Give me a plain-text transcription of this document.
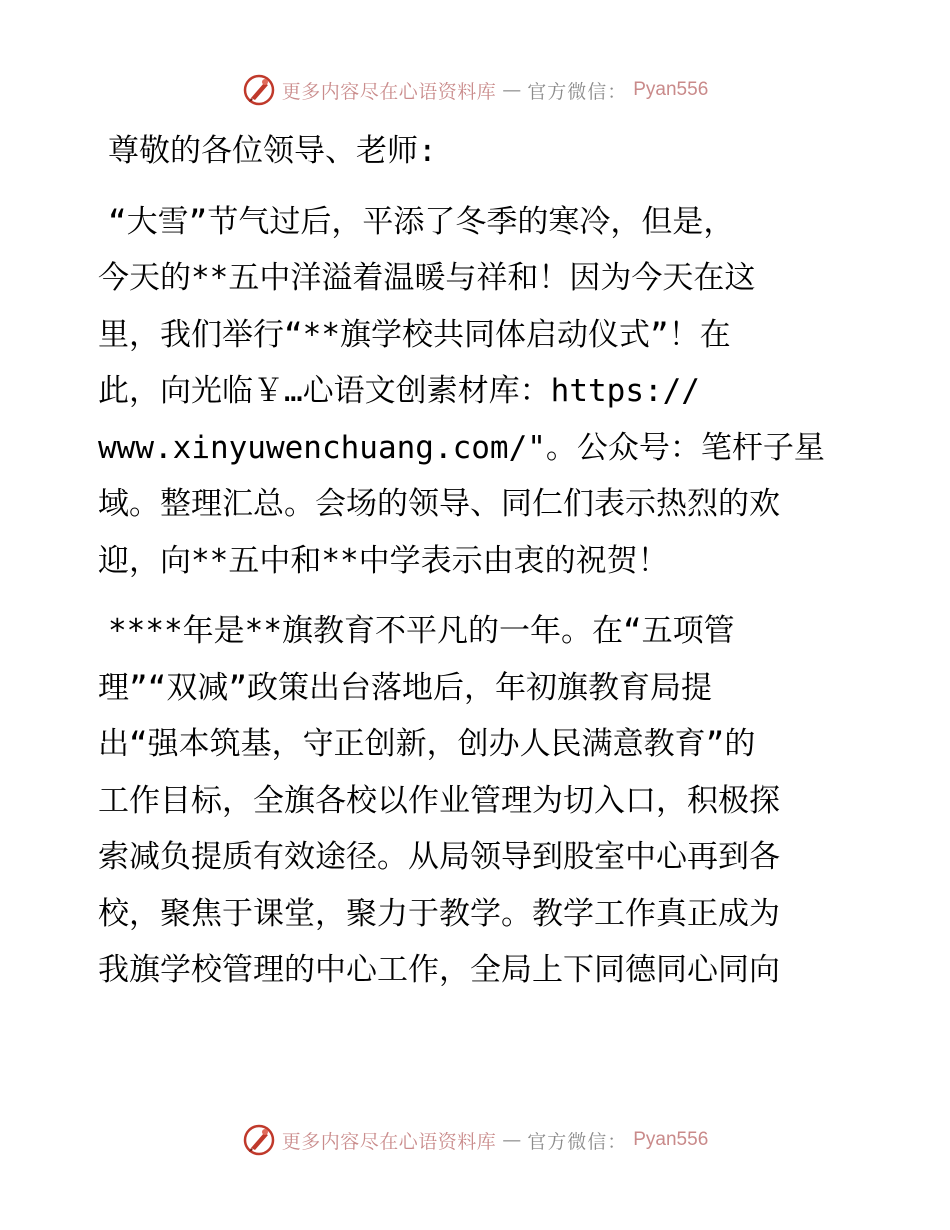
更多内容尽在心语资料库 — 官方微信： Pyan556
尊敬的各位领导、老师:
“大雪”节气过后，平添了冬季的寒冷，但是，
今天的**五中洋溢着温暖与祥和！因为今天在这
里，我们举行“**旗学校共同体启动仪式”！在
此，向光临￥…心语文创素材库：https://
www.xinyuwenchuang.com/"。公众号：笔杆子星
域。整理汇总。会场的领导、同仁们表示热烈的欢
迎，向**五中和**中学表示由衷的祝贺！
****年是**旗教育不平凡的一年。在“五项管
理”“双减”政策出台落地后，年初旗教育局提
出“强本筑基，守正创新，创办人民满意教育”的
工作目标，全旗各校以作业管理为切入口，积极探
索减负提质有效途径。从局领导到股室中心再到各
校，聚焦于课堂，聚力于教学。教学工作真正成为
我旗学校管理的中心工作，全局上下同德同心同向
更多内容尽在心语资料库 — 官方微信： Pyan556
